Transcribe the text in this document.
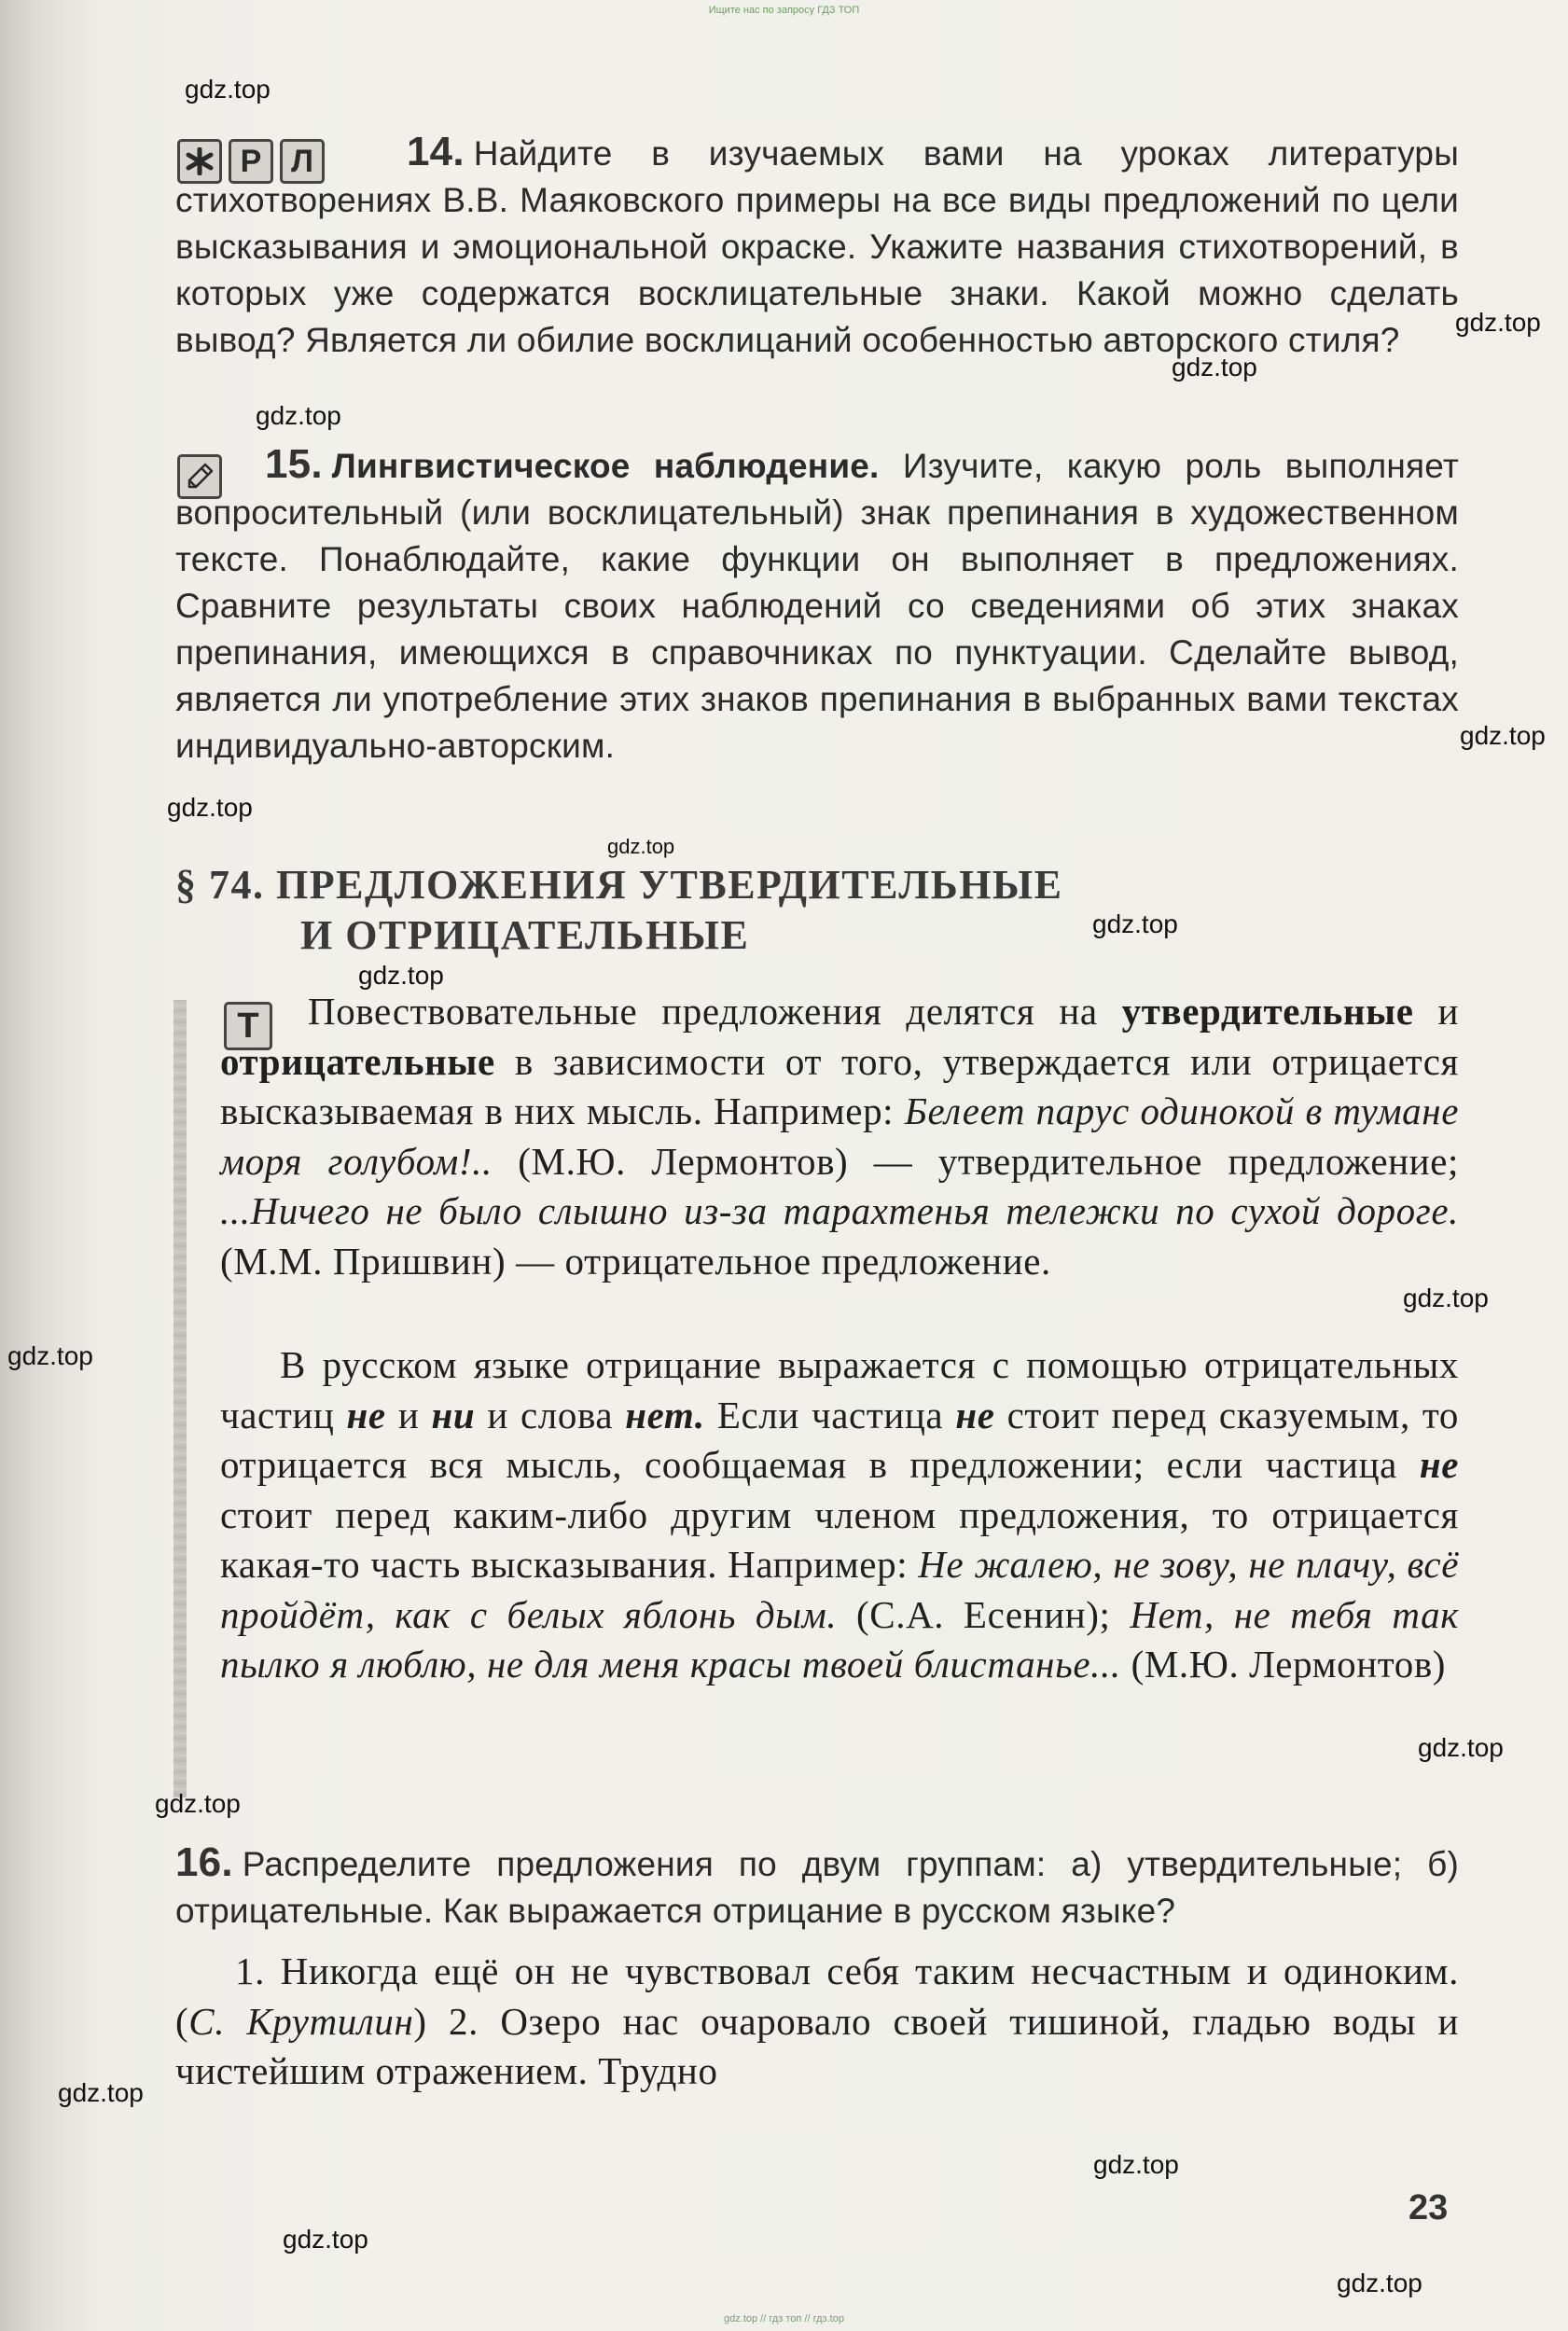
Ищите нас по запросу ГДЗ ТОП
Р Л	14. Найдите в изучаемых вами на уроках литературы стихотворениях В.В. Маяковского примеры на все виды предложений по цели высказывания и эмоциональной окраске. Укажите названия стихотворений, в которых уже содержатся восклицательные знаки. Какой можно сделать вывод? Является ли обилие восклицаний особенностью авторского стиля?
15. Лингвистическое наблюдение. Изучите, какую роль выполняет вопросительный (или восклицательный) знак препинания в художественном тексте. Понаблюдайте, какие функции он выполняет в предложениях. Сравните результаты своих наблюдений со сведениями об этих знаках препинания, имеющихся в справочниках по пунктуации. Сделайте вывод, является ли употребление этих знаков препинания в выбранных вами текстах индивидуально-авторским.
§ 74. ПРЕДЛОЖЕНИЯ УТВЕРДИТЕЛЬНЫЕ
И ОТРИЦАТЕЛЬНЫЕ
Т	Повествовательные предложения делятся на утвердительные и отрицательные в зависимости от того, утверждается или отрицается высказываемая в них мысль. Например: Белеет парус одинокой в тумане моря голубом!.. (М.Ю. Лермонтов) — утвердительное предложение; ...Ничего не было слышно из-за тарахтенья тележки по сухой дороге. (М.М. Пришвин) — отрицательное предложение.
В русском языке отрицание выражается с помощью отрицательных частиц не и ни и слова нет. Если частица не стоит перед сказуемым, то отрицается вся мысль, сообщаемая в предложении; если частица не стоит перед каким-либо другим членом предложения, то отрицается какая-то часть высказывания. Например: Не жалею, не зову, не плачу, всё пройдёт, как с белых яблонь дым. (С.А. Есенин); Нет, не тебя так пылко я люблю, не для меня красы твоей блистанье... (М.Ю. Лермонтов)
16. Распределите предложения по двум группам: а) утвердительные; б) отрицательные. Как выражается отрицание в русском языке?
1. Никогда ещё он не чувствовал себя таким несчастным и одиноким. (С. Крутилин) 2. Озеро нас очаровало своей тишиной, гладью воды и чистейшим отражением. Трудно
23
gdz.top
gdz.top
gdz.top
gdz.top
gdz.top
gdz.top
gdz.top
gdz.top
gdz.top
gdz.top
gdz.top
gdz.top
gdz.top
gdz.top
gdz.top
gdz.top
gdz.top
gdz.top // гдз топ // гдз.top
